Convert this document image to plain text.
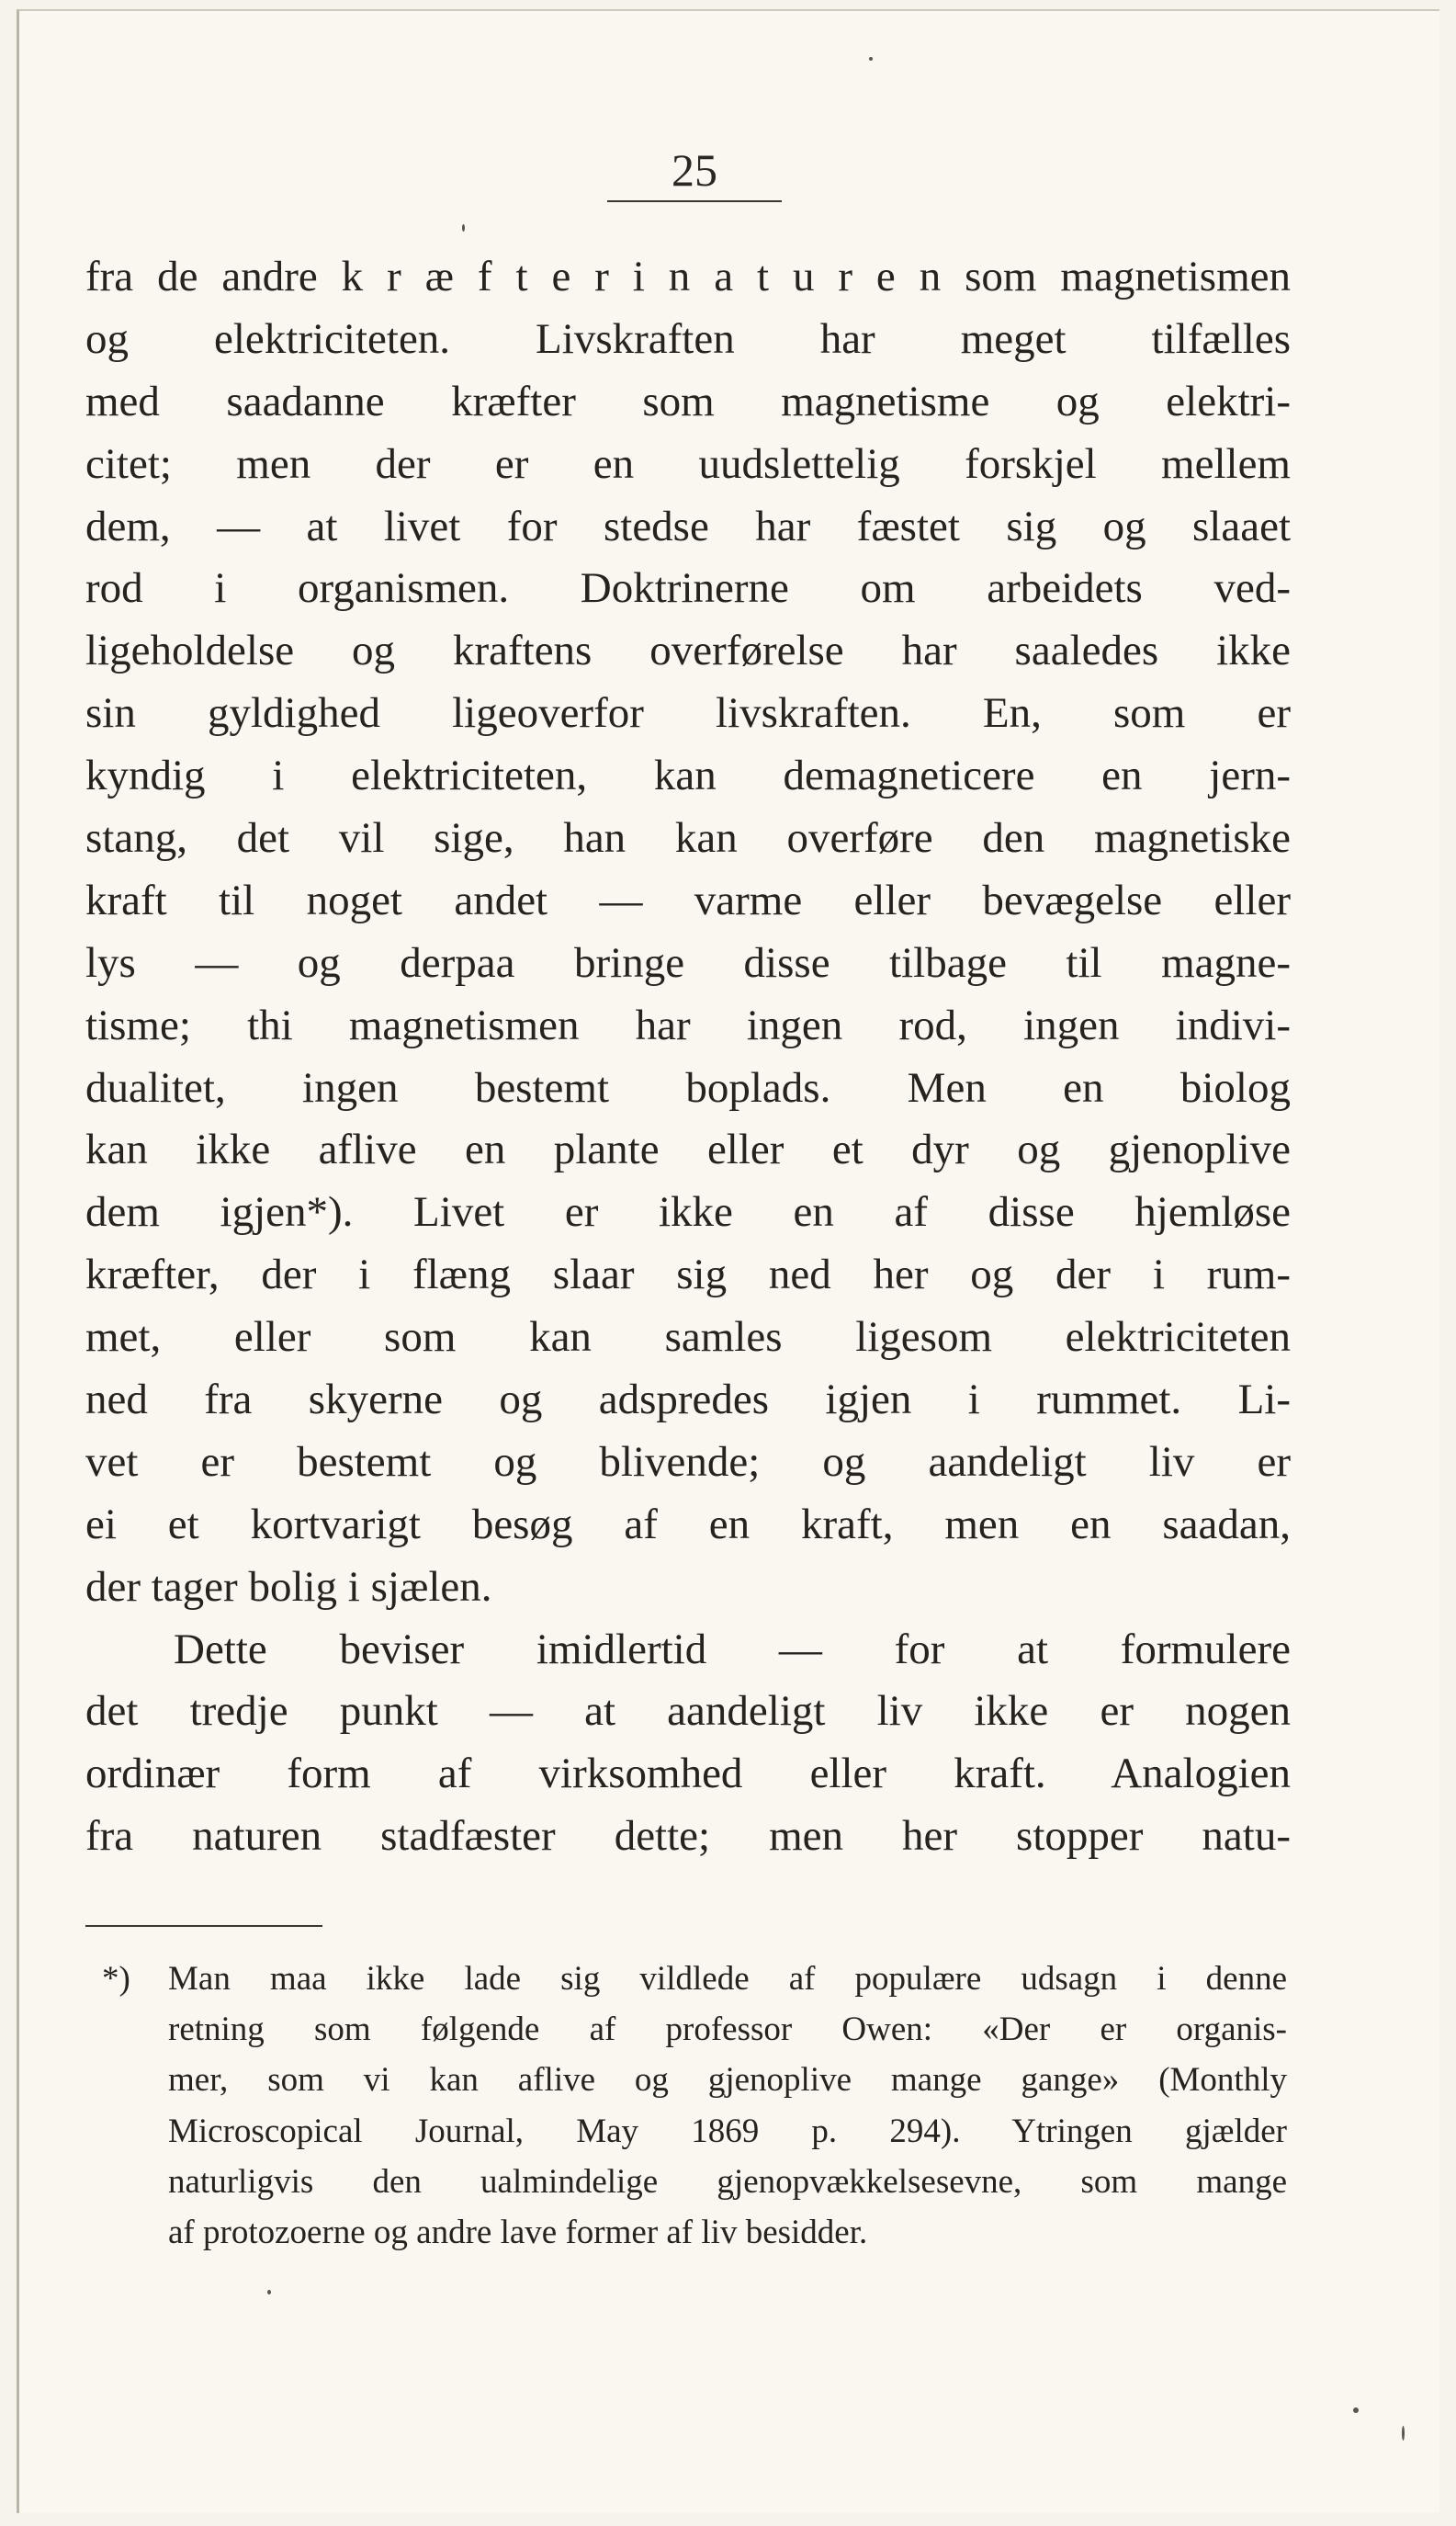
25
fra de andre k r æ f t e r i n a t u r e n som magnetismen
og elektriciteten. Livskraften har meget tilfælles
med saadanne kræfter som magnetisme og elektri-
citet; men der er en uudslettelig forskjel mellem
dem, — at livet for stedse har fæstet sig og slaaet
rod i organismen. Doktrinerne om arbeidets ved-
ligeholdelse og kraftens overførelse har saaledes ikke
sin gyldighed ligeoverfor livskraften. En, som er
kyndig i elektriciteten, kan demagneticere en jern-
stang, det vil sige, han kan overføre den magnetiske
kraft til noget andet — varme eller bevægelse eller
lys — og derpaa bringe disse tilbage til magne-
tisme; thi magnetismen har ingen rod, ingen indivi-
dualitet, ingen bestemt boplads. Men en biolog
kan ikke aflive en plante eller et dyr og gjenoplive
dem igjen*). Livet er ikke en af disse hjemløse
kræfter, der i flæng slaar sig ned her og der i rum-
met, eller som kan samles ligesom elektriciteten
ned fra skyerne og adspredes igjen i rummet. Li-
vet er bestemt og blivende; og aandeligt liv er
ei et kortvarigt besøg af en kraft, men en saadan,
der tager bolig i sjælen.
Dette beviser imidlertid — for at formulere
det tredje punkt — at aandeligt liv ikke er nogen
ordinær form af virksomhed eller kraft. Analogien
fra naturen stadfæster dette; men her stopper natu-
*) Man maa ikke lade sig vildlede af populære udsagn i denne
retning som følgende af professor Owen: «Der er organis-
mer, som vi kan aflive og gjenoplive mange gange» (Monthly
Microscopical Journal, May 1869 p. 294). Ytringen gjælder
naturligvis den ualmindelige gjenopvækkelsesevne, som mange
af protozoerne og andre lave former af liv besidder.
